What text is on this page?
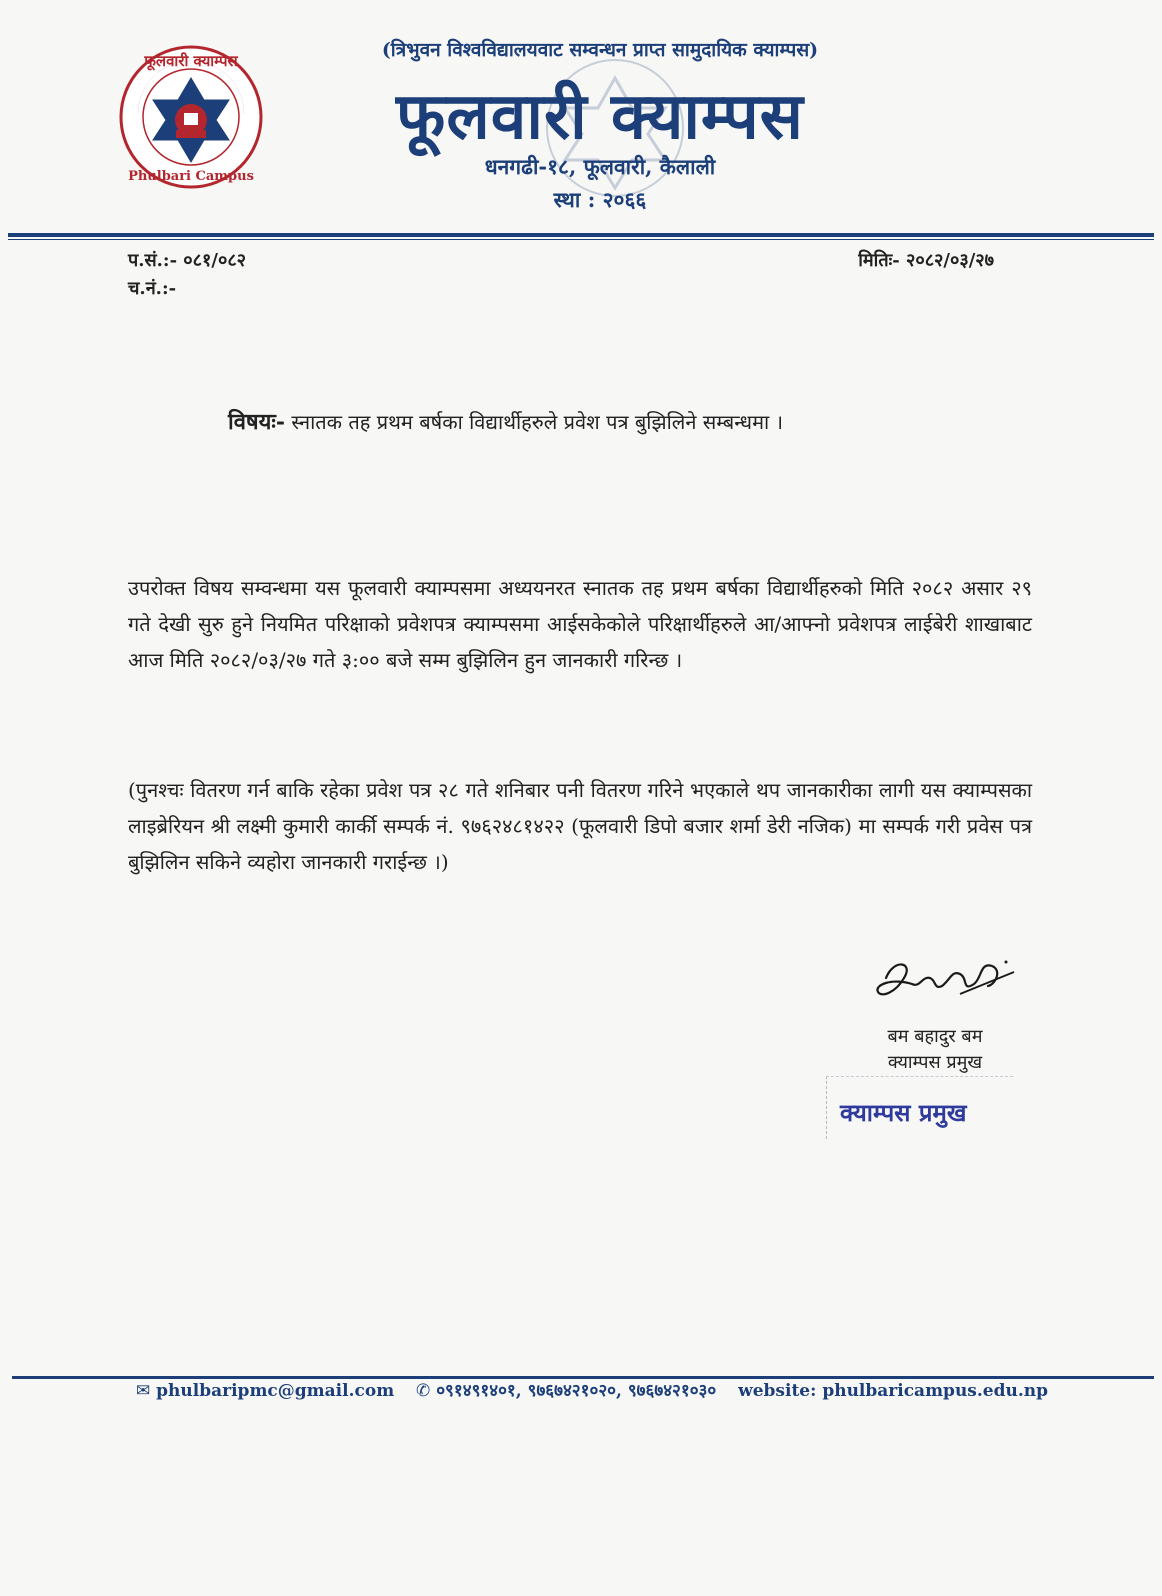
फूलवारी क्याम्पस
Phulbari Campus
(त्रिभुवन विश्वविद्यालयवाट सम्वन्धन प्राप्त सामुदायिक क्याम्पस)
फूलवारी क्याम्पस
धनगढी-१८, फूलवारी, कैलाली
स्था : २०६६
प.सं.:- ०८१/०८२
च.नं.:-
मितिः- २०८२/०३/२७
विषयः- स्नातक तह प्रथम बर्षका विद्यार्थीहरुले प्रवेश पत्र बुझिलिने सम्बन्धमा ।
उपरोक्त विषय सम्वन्धमा यस फूलवारी क्याम्पसमा अध्ययनरत स्नातक तह प्रथम बर्षका विद्यार्थीहरुको मिति २०८२ असार २९ गते देखी सुरु हुने नियमित परिक्षाको प्रवेशपत्र क्याम्पसमा आईसकेकोले परिक्षार्थीहरुले आ/आफ्नो प्रवेशपत्र लाईबेरी शाखाबाट आज मिति २०८२/०३/२७ गते ३:०० बजे सम्म बुझिलिन हुन जानकारी गरिन्छ ।
(पुनश्चः वितरण गर्न बाकि रहेका प्रवेश पत्र २८ गते शनिबार पनी वितरण गरिने भएकाले थप जानकारीका लागी यस क्याम्पसका लाइब्रेरियन श्री लक्ष्मी कुमारी कार्की सम्पर्क नं. ९७६२४८१४२२ (फूलवारी डिपो बजार शर्मा डेरी नजिक) मा सम्पर्क गरी प्रवेस पत्र बुझिलिन सकिने व्यहोरा जानकारी गराईन्छ ।)
बम बहादुर बम
क्याम्पस प्रमुख
क्याम्पस प्रमुख
✉ phulbaripmc@gmail.com ✆ ०९१४९१४०१, ९७६७४२१०२०, ९७६७४२१०३० website: phulbaricampus.edu.np
